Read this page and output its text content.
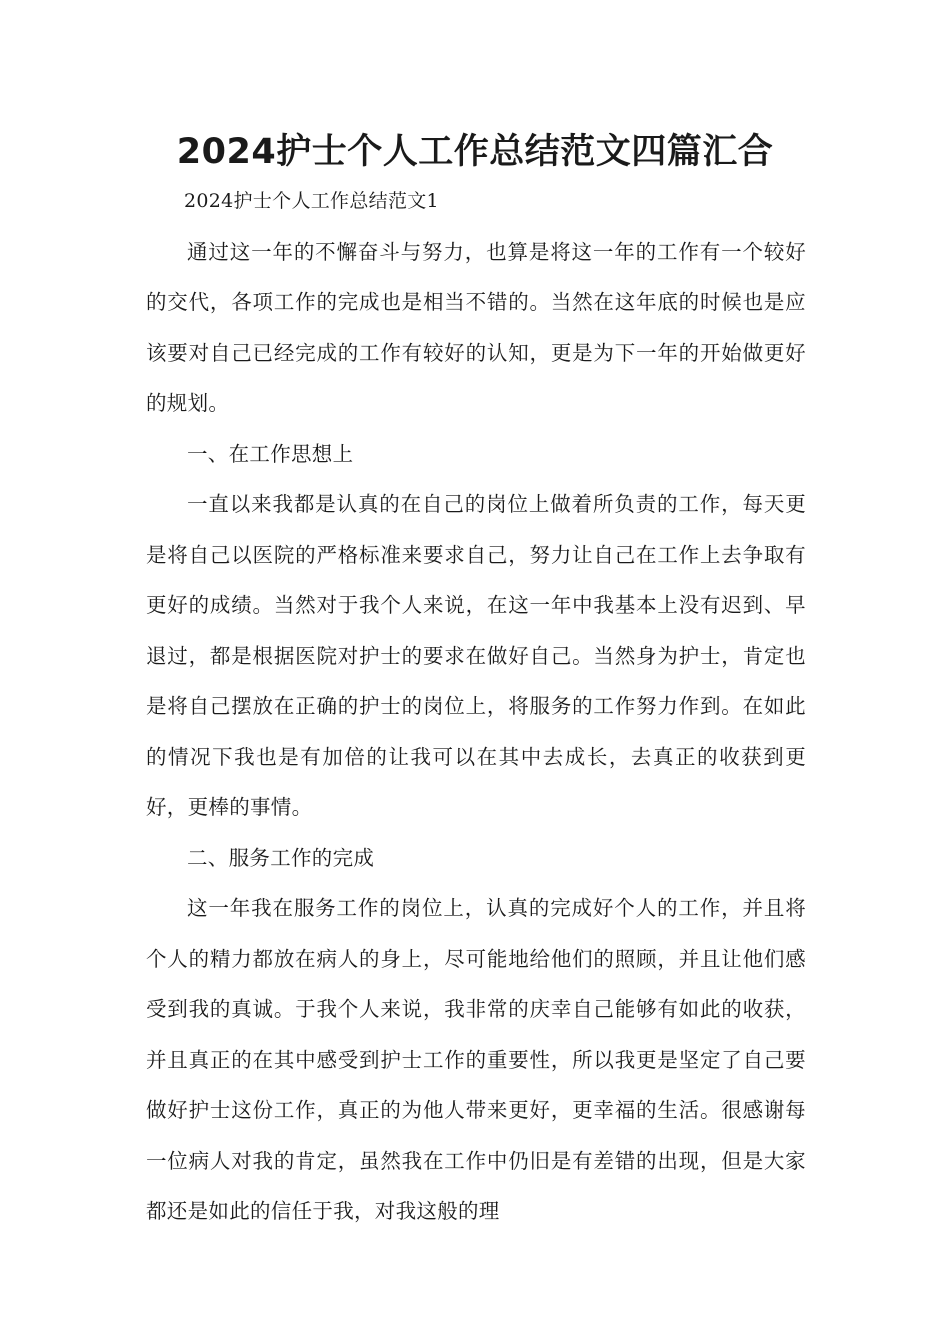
2024护士个人工作总结范文四篇汇合

2024护士个人工作总结范文1

通过这一年的不懈奋斗与努力，也算是将这一年的工作有一个较好的交代，各项工作的完成也是相当不错的。当然在这年底的时候也是应该要对自己已经完成的工作有较好的认知，更是为下一年的开始做更好的规划。

一、在工作思想上

一直以来我都是认真的在自己的岗位上做着所负责的工作，每天更是将自己以医院的严格标准来要求自己，努力让自己在工作上去争取有更好的成绩。当然对于我个人来说，在这一年中我基本上没有迟到、早退过，都是根据医院对护士的要求在做好自己。当然身为护士，肯定也是将自己摆放在正确的护士的岗位上，将服务的工作努力作到。在如此的情况下我也是有加倍的让我可以在其中去成长，去真正的收获到更好，更棒的事情。

二、服务工作的完成

这一年我在服务工作的岗位上，认真的完成好个人的工作，并且将个人的精力都放在病人的身上，尽可能地给他们的照顾，并且让他们感受到我的真诚。于我个人来说，我非常的庆幸自己能够有如此的收获，并且真正的在其中感受到护士工作的重要性，所以我更是坚定了自己要做好护士这份工作，真正的为他人带来更好，更幸福的生活。很感谢每一位病人对我的肯定，虽然我在工作中仍旧是有差错的出现，但是大家都还是如此的信任于我，对我这般的理
